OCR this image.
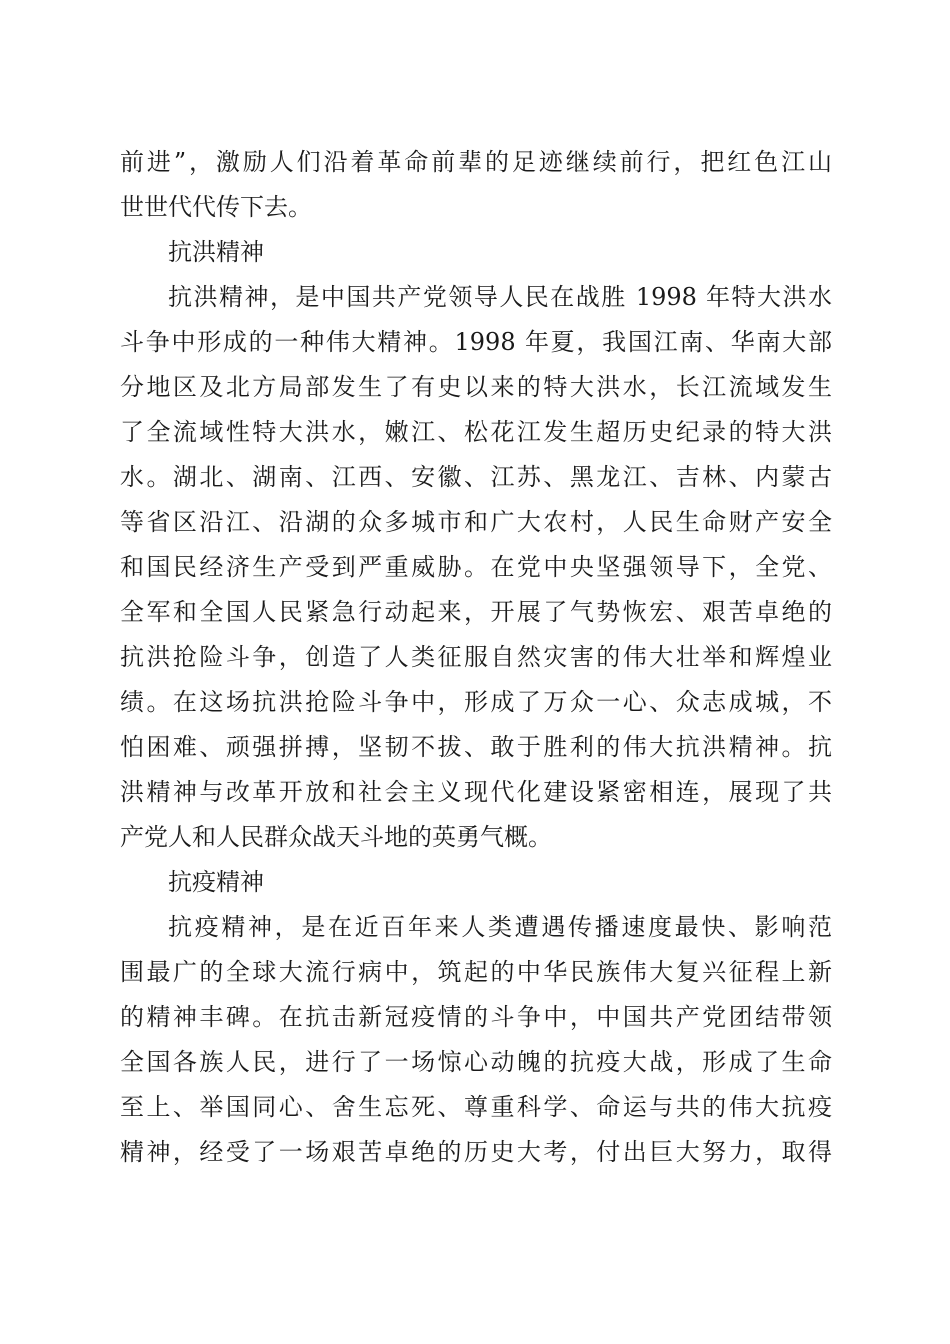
前进”，激励人们沿着革命前辈的足迹继续前行，把红色江山
世世代代传下去。
抗洪精神
抗洪精神，是中国共产党领导人民在战胜 1998 年特大洪水
斗争中形成的一种伟大精神。1998 年夏，我国江南、华南大部
分地区及北方局部发生了有史以来的特大洪水，长江流域发生
了全流域性特大洪水，嫩江、松花江发生超历史纪录的特大洪
水。湖北、湖南、江西、安徽、江苏、黑龙江、吉林、内蒙古
等省区沿江、沿湖的众多城市和广大农村，人民生命财产安全
和国民经济生产受到严重威胁。在党中央坚强领导下，全党、
全军和全国人民紧急行动起来，开展了气势恢宏、艰苦卓绝的
抗洪抢险斗争，创造了人类征服自然灾害的伟大壮举和辉煌业
绩。在这场抗洪抢险斗争中，形成了万众一心、众志成城，不
怕困难、顽强拼搏，坚韧不拔、敢于胜利的伟大抗洪精神。抗
洪精神与改革开放和社会主义现代化建设紧密相连，展现了共
产党人和人民群众战天斗地的英勇气概。
抗疫精神
抗疫精神，是在近百年来人类遭遇传播速度最快、影响范
围最广的全球大流行病中，筑起的中华民族伟大复兴征程上新
的精神丰碑。在抗击新冠疫情的斗争中，中国共产党团结带领
全国各族人民，进行了一场惊心动魄的抗疫大战，形成了生命
至上、举国同心、舍生忘死、尊重科学、命运与共的伟大抗疫
精神，经受了一场艰苦卓绝的历史大考，付出巨大努力，取得
